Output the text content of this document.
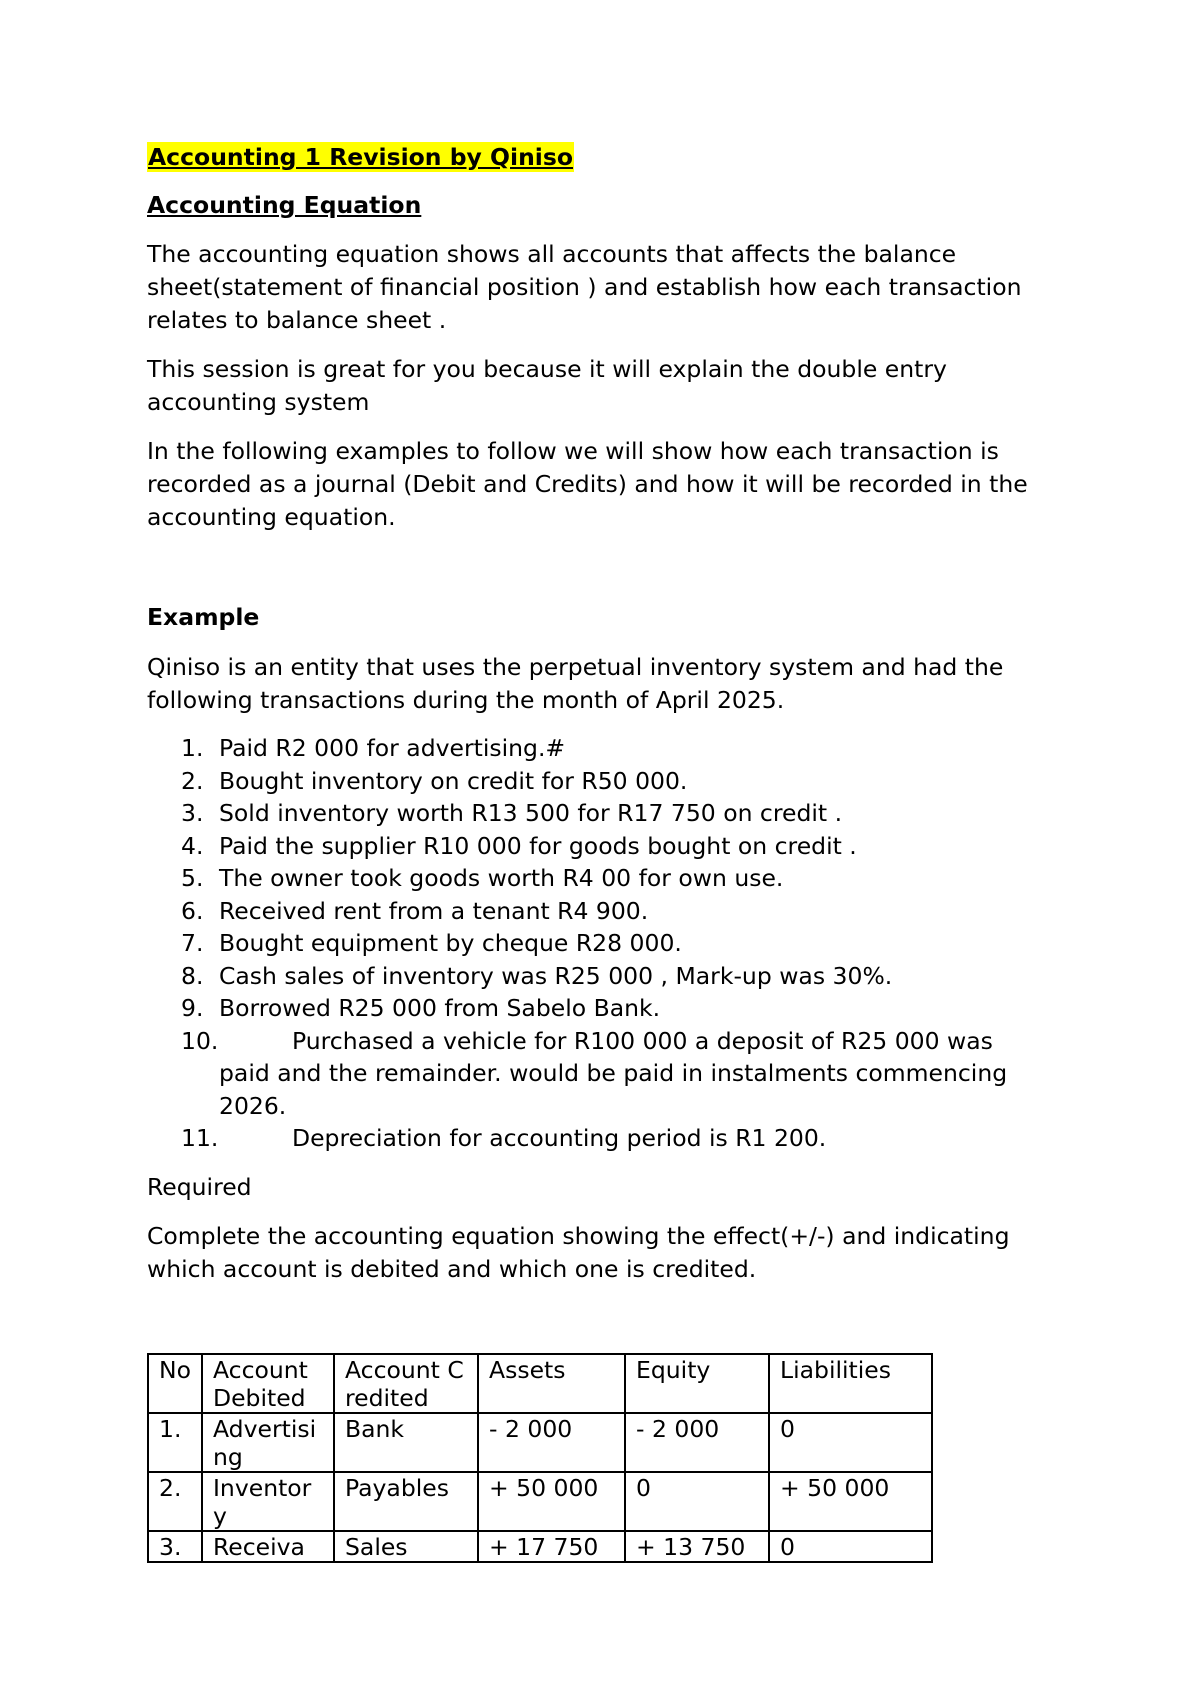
Accounting 1 Revision by Qiniso
Accounting Equation

The accounting equation shows all accounts that affects the balance sheet(statement of financial position ) and establish how each transaction relates to balance sheet .

This session is great for you because it will explain the double entry accounting system

In the following examples to follow we will show how each transaction is recorded as a journal (Debit and Credits) and how it will be recorded in the accounting equation.

Example

Qiniso is an entity that uses the perpetual inventory system and had the following transactions during the month of April 2025.

1. Paid R2 000 for advertising.#
2. Bought inventory on credit for R50 000.
3. Sold inventory worth R13 500 for R17 750 on credit .
4. Paid the supplier R10 000 for goods bought on credit .
5. The owner took goods worth R4 00 for own use.
6. Received rent from a tenant R4 900.
7. Bought equipment by cheque R28 000.
8. Cash sales of inventory was R25 000 , Mark-up was 30%.
9. Borrowed R25 000 from Sabelo Bank.
10.	Purchased a vehicle for R100 000 a deposit of R25 000 was
paid and the remainder. would be paid in instalments commencing 2026.
11.	Depreciation for accounting period is R1 200.
Required

Complete the accounting equation showing the effect(+/-) and indicating which account is debited and which one is credited.

No	Account Debited	Account Credited	Assets	Equity	Liabilities
1.	Advertising	Bank	- 2 000	- 2 000	0
2.	Inventory	Payables	+ 50 000	0	+ 50 000
3.	Receiva	Sales	+ 17 750	+ 13 750	0
